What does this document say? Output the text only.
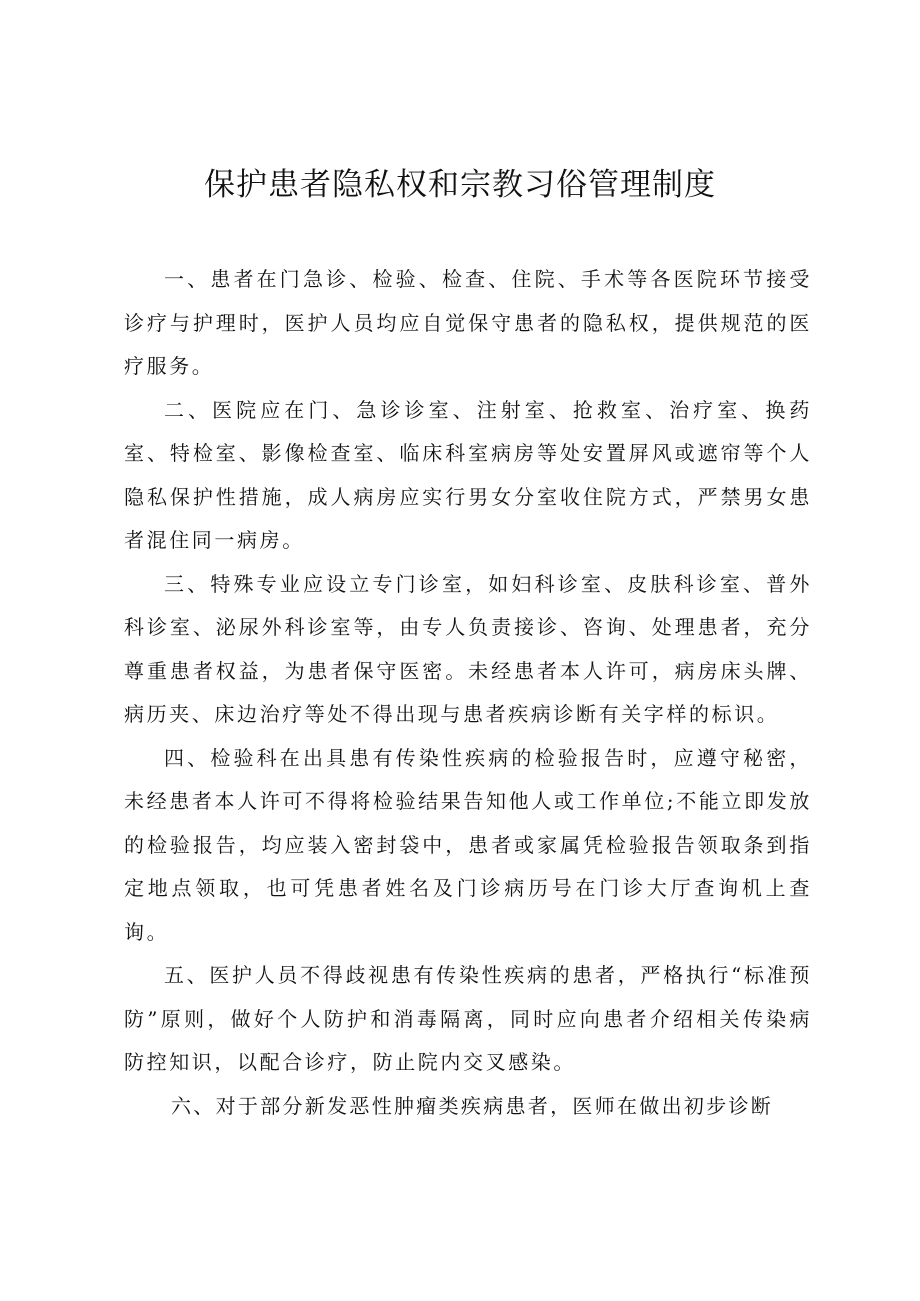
保护患者隐私权和宗教习俗管理制度

一、患者在门急诊、检验、检查、住院、手术等各医院环节接受诊疗与护理时，医护人员均应自觉保守患者的隐私权，提供规范的医疗服务。

二、医院应在门、急诊诊室、注射室、抢救室、治疗室、换药室、特检室、影像检查室、临床科室病房等处安置屏风或遮帘等个人隐私保护性措施，成人病房应实行男女分室收住院方式，严禁男女患者混住同一病房。

三、特殊专业应设立专门诊室，如妇科诊室、皮肤科诊室、普外科诊室、泌尿外科诊室等，由专人负责接诊、咨询、处理患者，充分尊重患者权益，为患者保守医密。未经患者本人许可，病房床头牌、病历夹、床边治疗等处不得出现与患者疾病诊断有关字样的标识。

四、检验科在出具患有传染性疾病的检验报告时，应遵守秘密，未经患者本人许可不得将检验结果告知他人或工作单位;不能立即发放的检验报告，均应装入密封袋中，患者或家属凭检验报告领取条到指定地点领取，也可凭患者姓名及门诊病历号在门诊大厅查询机上查询。

五、医护人员不得歧视患有传染性疾病的患者，严格执行“标准预防”原则，做好个人防护和消毒隔离，同时应向患者介绍相关传染病防控知识，以配合诊疗，防止院内交叉感染。

六、对于部分新发恶性肿瘤类疾病患者，医师在做出初步诊断
